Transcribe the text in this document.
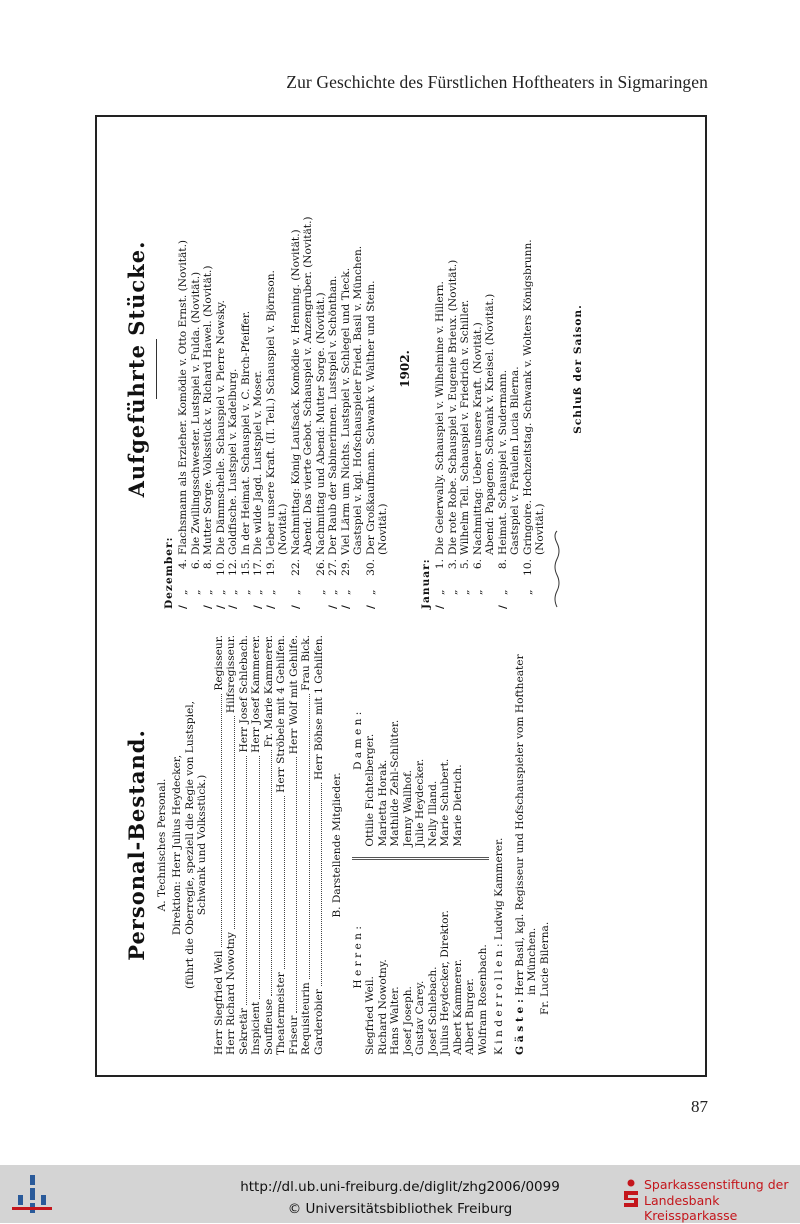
Zur Geschichte des Fürstlichen Hoftheaters in Sigmaringen
Personal-Bestand. A. Technisches Personal. Direktion: Herr Julius Heydecker, (führt die Oberregie, speziell die Regie von Lustspiel, Schwank und Volksstück.)
Herr Siegfried Weil
Regisseur.
Herr Richard Nowotny
Hilfsregisseur.
Sekretär
Herr Josef Schlebach.
Inspicient
Herr Josef Kammerer.
Souffleuse
Fr. Marie Kammerer.
Theatermeister
Herr Ströbele mit 4 Gehilfen.
Friseur
Herr Wolf mit Gehilfe.
Requisiteurin
Frau Bick.
Garderobier
Herr Böhse mit 1 Gehilfen.
B. Darstellende Mitglieder.
H e r r e n :
Siegfried Weil. Richard Nowotny. Hans Walter. Josef Joseph. Gustav Carey. Josef Schlebach. Julius Heydecker, Direktor. Albert Kammerer. Albert Burger. Wolfram Rosenbach.
D a m e n : Ottilie Fichtelberger. Marietta Horak. Mathilde Zehl-Schlüter. Jenny Wallhof. Julie Heydecker. Nelly Illand. Marie Schubert. Marie Dietrich.
K i n d e r r o l l e n : Ludwig Kammerer.
G ä s t e : Herr Basil, kgl. Regisseur und Hofschauspieler vom Hoftheater in München. Fr. Lucie Bilerna.
Aufgeführte Stücke.
Dezember: /
„
4.
Flachsmann als Erzieher. Komödie v. Otto Ernst. (Novität.)
„
6.
Die Zwillingsschwester. Lustspiel v. Fulda. (Novität.)
/
„
8.
Mutter Sorge. Volksstück v. Richard Hawel. (Novität.)
/
„
10.
Die Dämmschelle. Schauspiel v. Pierre Newsky.
/
„
12.
Goldfische. Lustspiel v. Kadelburg.
„
15.
In der Heimat. Schauspiel v. C. Birch-Pfeiffer.
/
„
17.
Die wilde Jagd. Lustspiel v. Moser.
/
„
19.
Ueber unsere Kraft. (II. Teil.) Schauspiel v. Björnson. (Novität.)
/
„
22.
Nachmittag: König Laufsack. Komödie v. Henning. (Novität.) Abend: Das vierte Gebot. Schauspiel v. Anzengruber. (Novität.)
„
26.
Nachmittag und Abend: Mutter Sorge. (Novität.)
/
„
27.
Der Raub der Sabinerinnen. Lustspiel v. Schönthan.
/
„
29.
Viel Lärm um Nichts. Lustspiel v. Schlegel und Tieck. Gastspiel v. kgl. Hofschauspieler Fried. Basil v. München.
/
„
30.
Der Großkaufmann. Schwank v. Walther und Stein. (Novität.)
1902.
Januar: /
„
1.
Die Geierwally. Schauspiel v. Wilhelmine v. Hillern.
„
3.
Die rote Robe. Schauspiel v. Eugenie Brieux. (Novität.)
„
5.
Wilhelm Tell. Schauspiel v. Friedrich v. Schiller.
„
6.
Nachmittag: Ueber unsere Kraft. (Novität.) Abend: Papageno. Schwank v. Kneisel. (Novität.)
/
„
8.
Heimat. Schauspiel v. Sudermann. Gastspiel v. Fräulein Lucia Bilerna.
„
10.
Gringoire. Hochzeitstag. Schwank v. Wolters Königsbrunn. (Novität.)
Schluß der Saison.
87
http://dl.ub.uni-freiburg.de/diglit/zhg2006/0099
© Universitätsbibliothek Freiburg
Sparkassenstiftung der
Landesbank Kreissparkasse
